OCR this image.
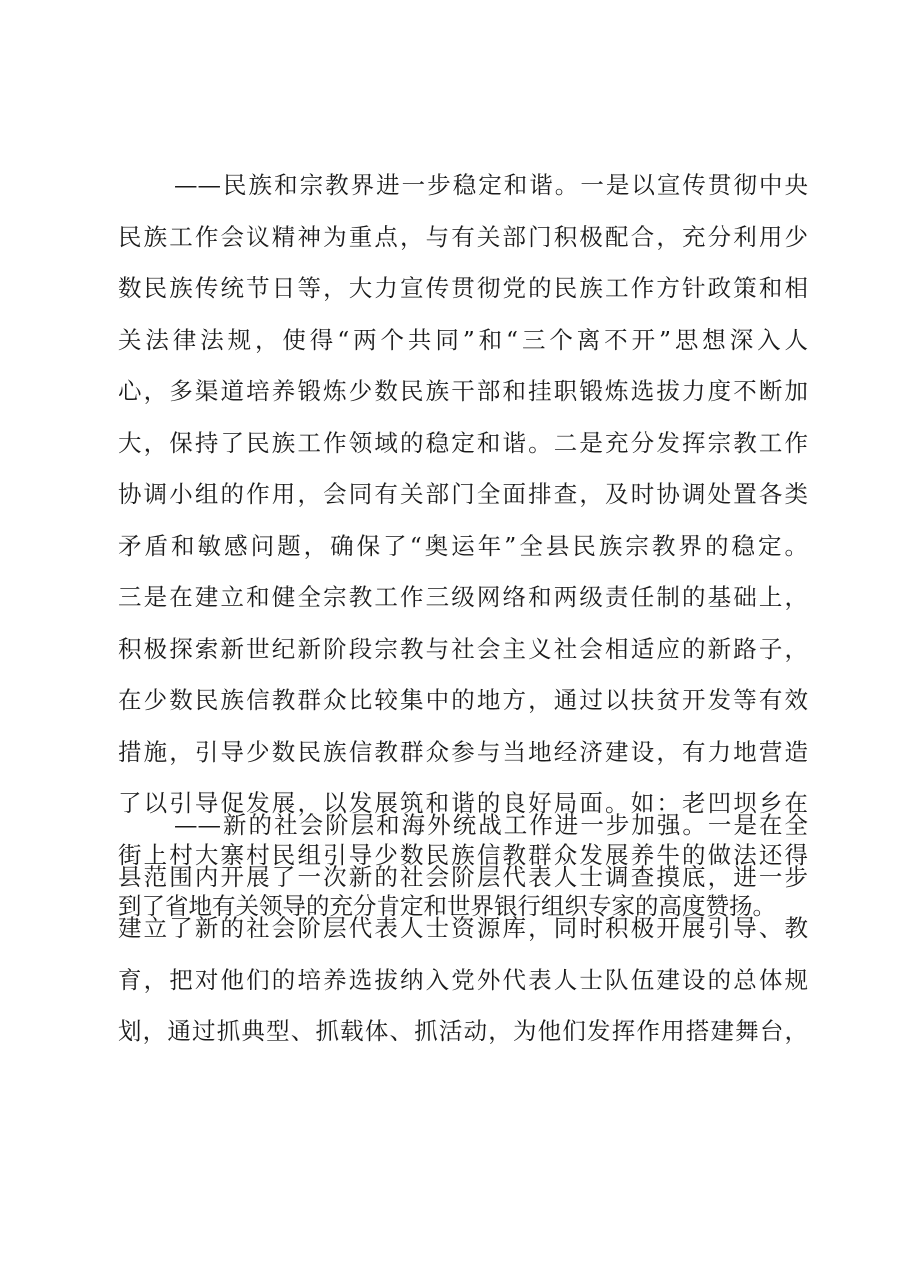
——民族和宗教界进一步稳定和谐。一是以宣传贯彻中央
民族工作会议精神为重点，与有关部门积极配合，充分利用少
数民族传统节日等，大力宣传贯彻党的民族工作方针政策和相
关法律法规，使得“两个共同”和“三个离不开”思想深入人
心，多渠道培养锻炼少数民族干部和挂职锻炼选拔力度不断加
大，保持了民族工作领域的稳定和谐。二是充分发挥宗教工作
协调小组的作用，会同有关部门全面排查，及时协调处置各类
矛盾和敏感问题，确保了“奥运年”全县民族宗教界的稳定。
三是在建立和健全宗教工作三级网络和两级责任制的基础上，
积极探索新世纪新阶段宗教与社会主义社会相适应的新路子，
在少数民族信教群众比较集中的地方，通过以扶贫开发等有效
措施，引导少数民族信教群众参与当地经济建设，有力地营造
了以引导促发展，以发展筑和谐的良好局面。如：老凹坝乡在
街上村大寨村民组引导少数民族信教群众发展养牛的做法还得
到了省地有关领导的充分肯定和世界银行组织专家的高度赞扬。
——新的社会阶层和海外统战工作进一步加强。一是在全
县范围内开展了一次新的社会阶层代表人士调查摸底，进一步
建立了新的社会阶层代表人士资源库，同时积极开展引导、教
育，把对他们的培养选拔纳入党外代表人士队伍建设的总体规
划，通过抓典型、抓载体、抓活动，为他们发挥作用搭建舞台，
